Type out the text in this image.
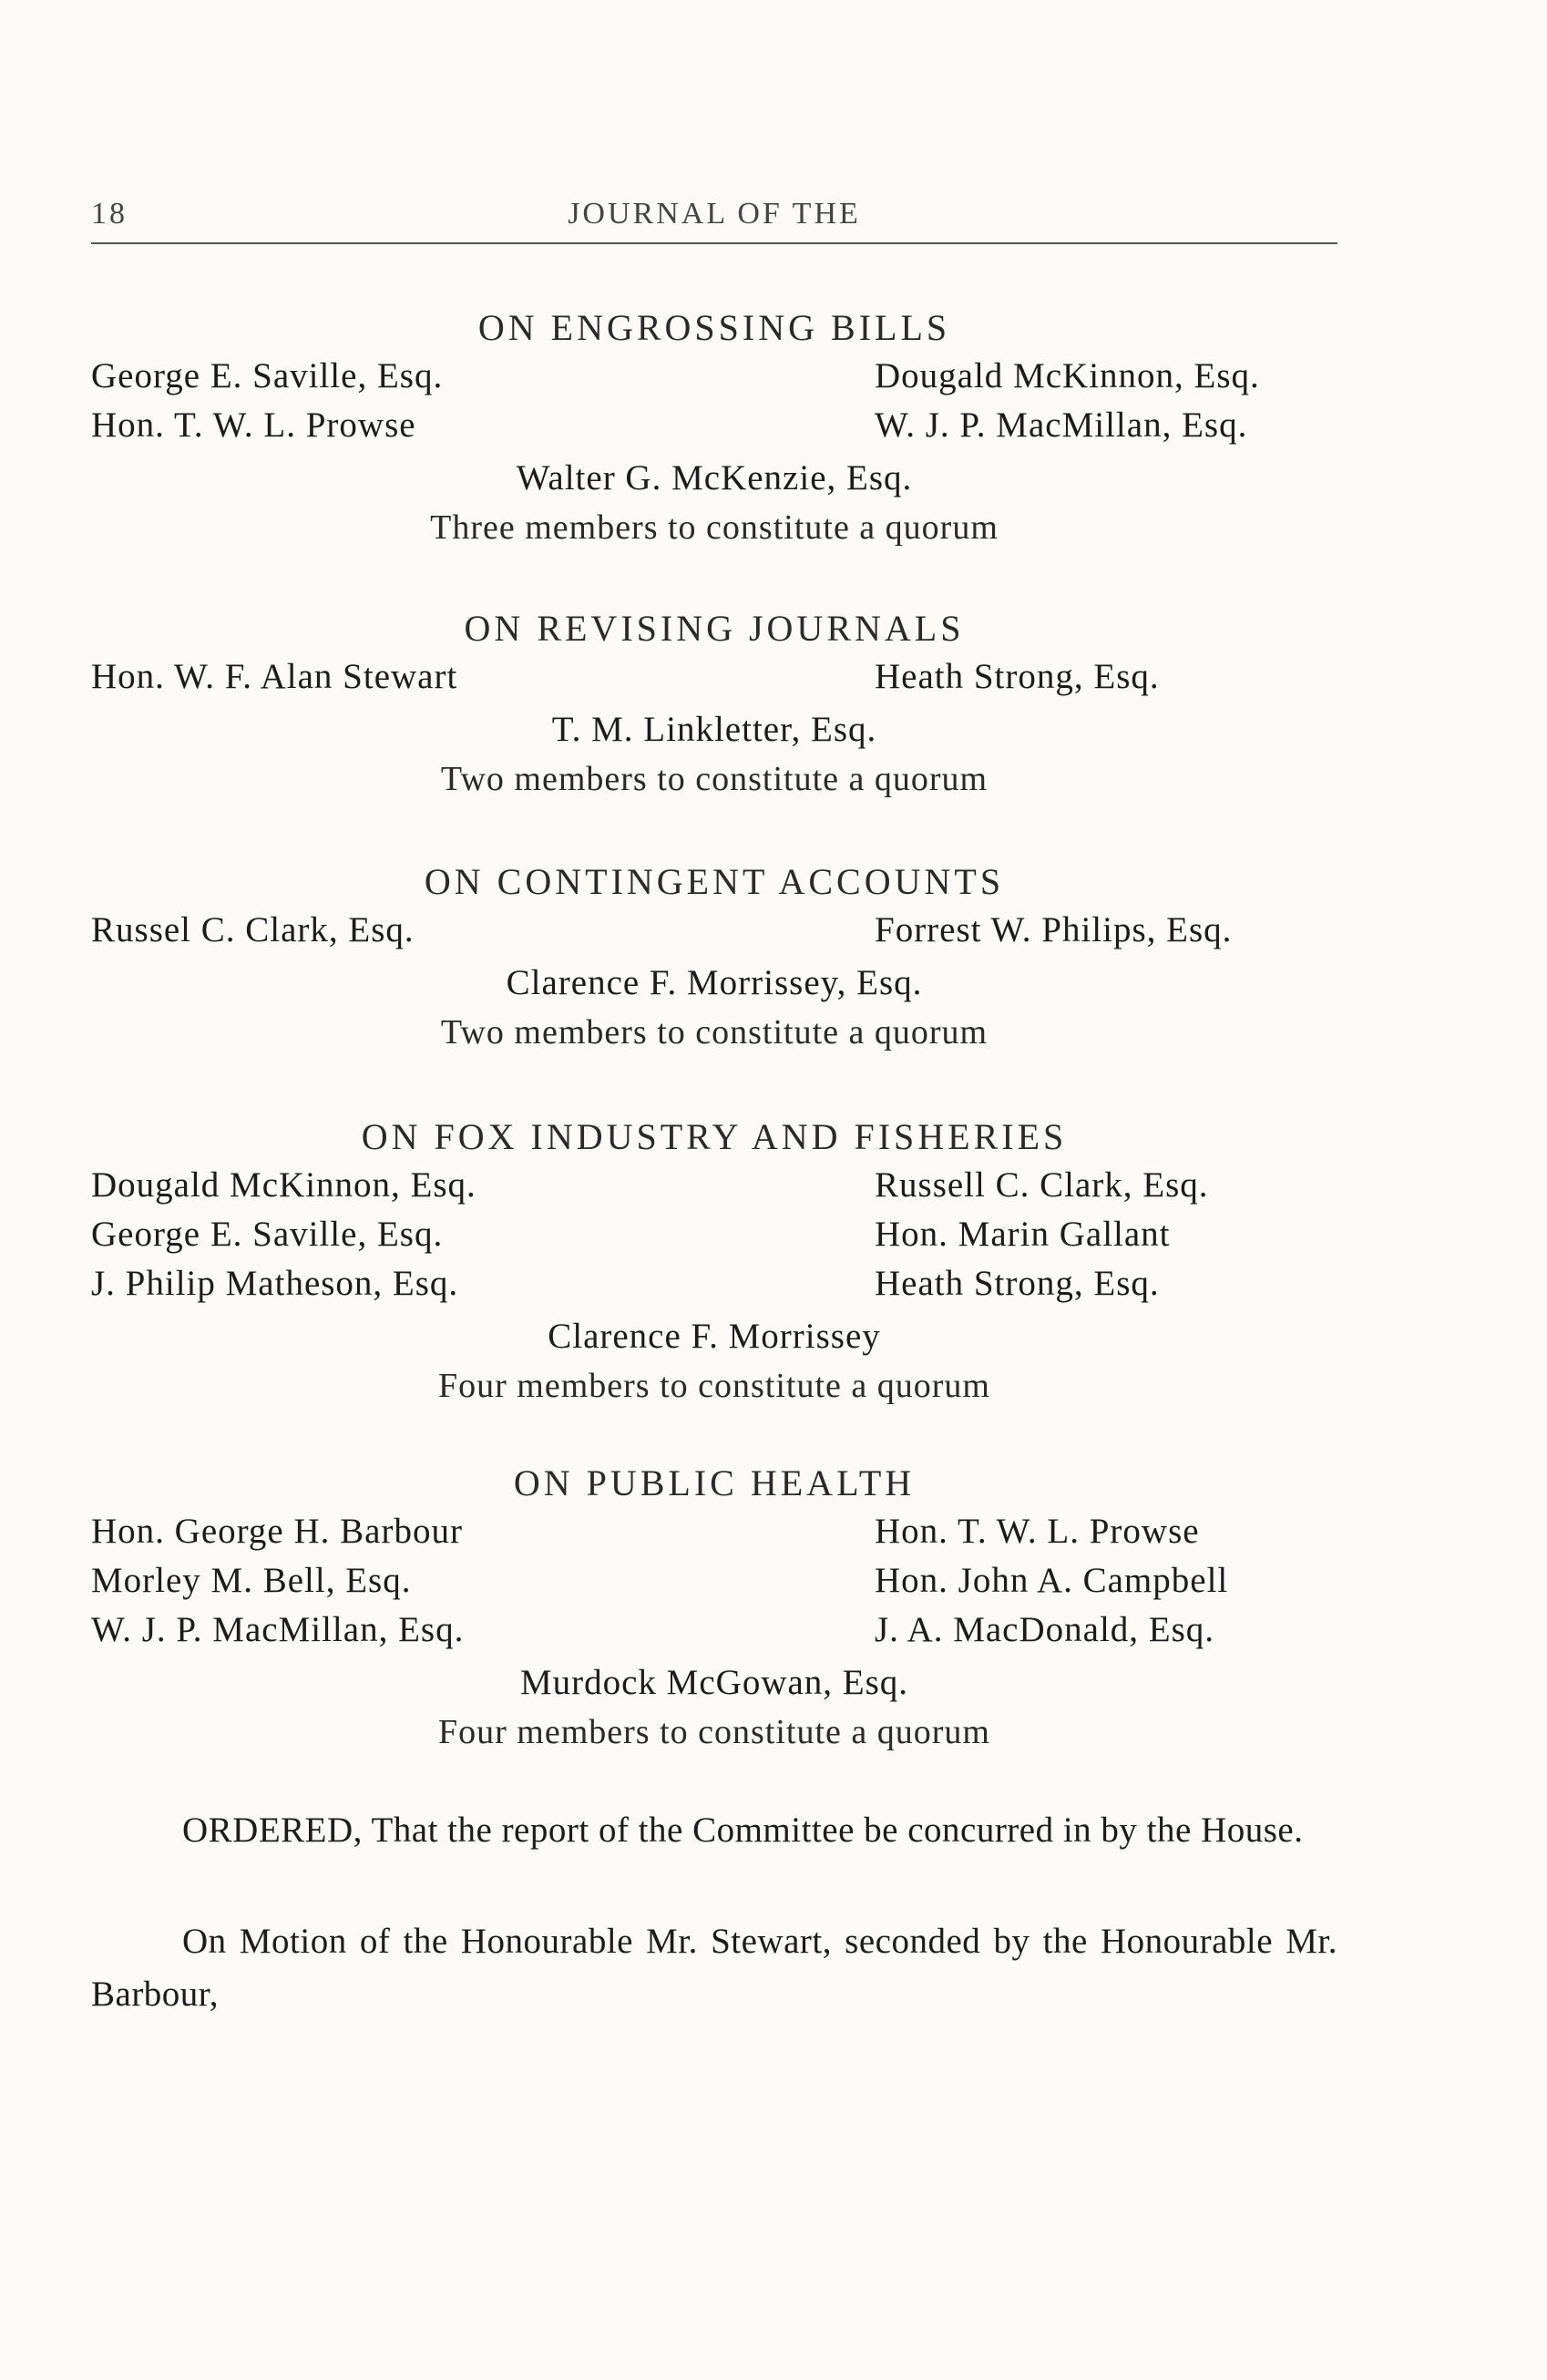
18	JOURNAL OF THE
ON ENGROSSING BILLS
George E. Saville, Esq.	Dougald McKinnon, Esq.
Hon. T. W. L. Prowse	W. J. P. MacMillan, Esq.
Walter G. McKenzie, Esq.
Three members to constitute a quorum
ON REVISING JOURNALS
Hon. W. F. Alan Stewart	Heath Strong, Esq.
T. M. Linkletter, Esq.
Two members to constitute a quorum
ON CONTINGENT ACCOUNTS
Russel C. Clark, Esq.	Forrest W. Philips, Esq.
Clarence F. Morrissey, Esq.
Two members to constitute a quorum
ON FOX INDUSTRY AND FISHERIES
Dougald McKinnon, Esq.	Russell C. Clark, Esq.
George E. Saville, Esq.	Hon. Marin Gallant
J. Philip Matheson, Esq.	Heath Strong, Esq.
Clarence F. Morrissey
Four members to constitute a quorum
ON PUBLIC HEALTH
Hon. George H. Barbour	Hon. T. W. L. Prowse
Morley M. Bell, Esq.	Hon. John A. Campbell
W. J. P. MacMillan, Esq.	J. A. MacDonald, Esq.
Murdock McGowan, Esq.
Four members to constitute a quorum
ORDERED, That the report of the Committee be concurred in by the House.
On Motion of the Honourable Mr. Stewart, seconded by the Honourable Mr. Barbour,
